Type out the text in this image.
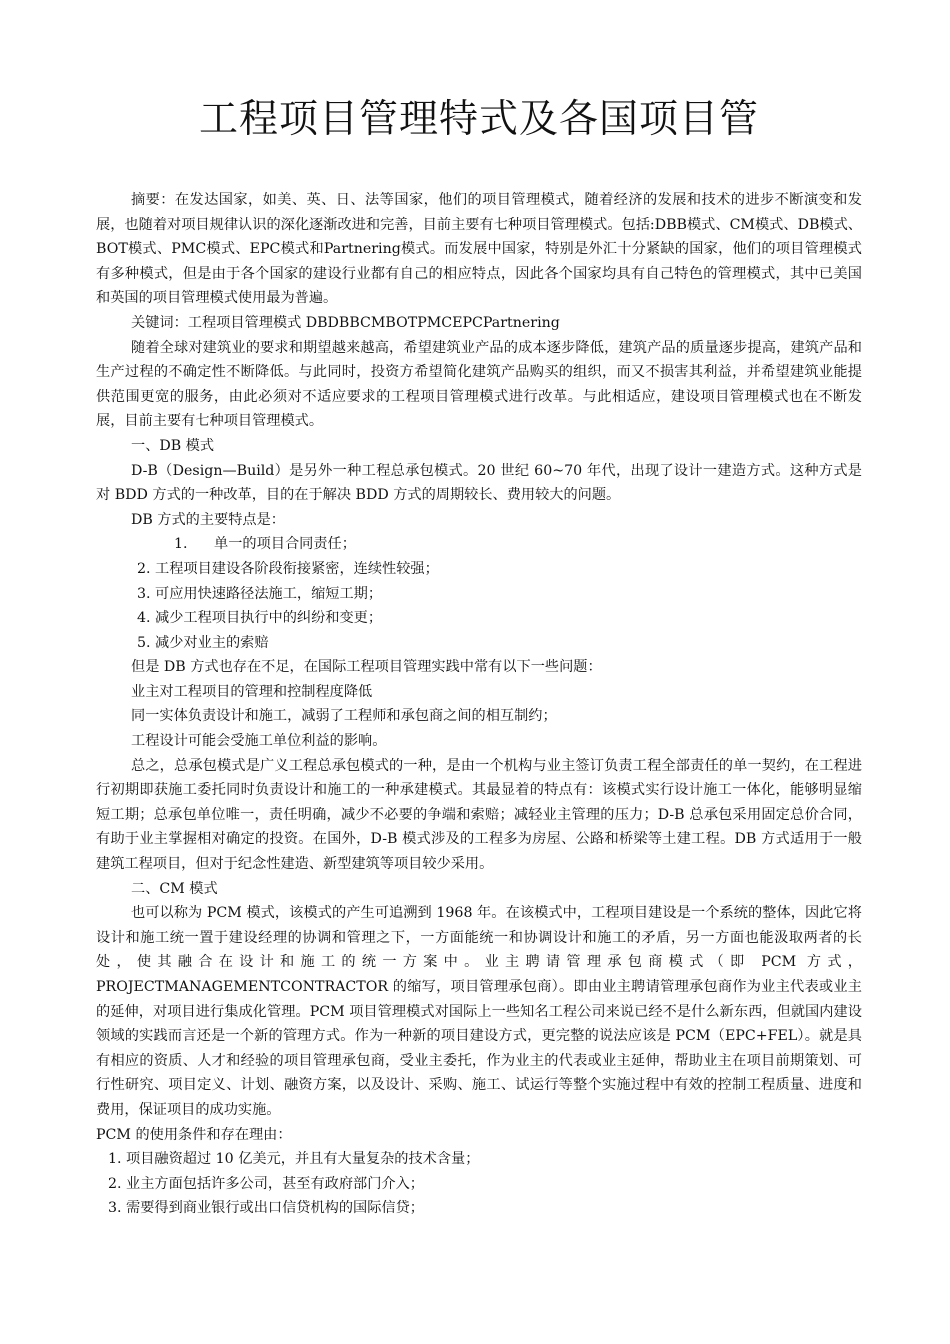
工程项目管理特式及各国项目管

摘要：在发达国家，如美、英、日、法等国家，他们的项目管理模式，随着经济的发展和技术的进步不断演变和发展，也随着对项目规律认识的深化逐渐改进和完善，目前主要有七种项目管理模式。包括:DBB模式、CM模式、DB模式、BOT模式、PMC模式、EPC模式和Partnering模式。而发展中国家，特别是外汇十分紧缺的国家，他们的项目管理模式有多种模式，但是由于各个国家的建设行业都有自己的相应特点，因此各个国家均具有自己特色的管理模式，其中已美国和英国的项目管理模式使用最为普遍。

关键词：工程项目管理模式 DBDBBCMBOTPMCEPCPartnering

随着全球对建筑业的要求和期望越来越高，希望建筑业产品的成本逐步降低，建筑产品的质量逐步提高，建筑产品和生产过程的不确定性不断降低。与此同时，投资方希望简化建筑产品购买的组织，而又不损害其利益，并希望建筑业能提供范围更宽的服务，由此必须对不适应要求的工程项目管理模式进行改革。与此相适应，建设项目管理模式也在不断发展，目前主要有七种项目管理模式。

一、DB 模式

D-B（Design—Build）是另外一种工程总承包模式。20 世纪 60~70 年代，出现了设计一建造方式。这种方式是对 BDD 方式的一种改革，目的在于解决 BDD 方式的周期较长、费用较大的问题。

DB 方式的主要特点是：

1. 单一的项目合同责任；

2. 工程项目建设各阶段衔接紧密，连续性较强；

3. 可应用快速路径法施工，缩短工期；

4. 减少工程项目执行中的纠纷和变更；

5. 减少对业主的索赔

但是 DB 方式也存在不足，在国际工程项目管理实践中常有以下一些问题：

业主对工程项目的管理和控制程度降低

同一实体负责设计和施工，减弱了工程师和承包商之间的相互制约；

工程设计可能会受施工单位利益的影响。

总之，总承包模式是广义工程总承包模式的一种，是由一个机构与业主签订负责工程全部责任的单一契约，在工程进行初期即获施工委托同时负责设计和施工的一种承建模式。其最显着的特点有：该模式实行设计施工一体化，能够明显缩短工期；总承包单位唯一，责任明确，减少不必要的争端和索赔；减轻业主管理的压力；D-B 总承包采用固定总价合同，有助于业主掌握相对确定的投资。在国外，D-B 模式涉及的工程多为房屋、公路和桥梁等土建工程。DB 方式适用于一般建筑工程项目，但对于纪念性建造、新型建筑等项目较少采用。

二、CM 模式

也可以称为 PCM 模式，该模式的产生可追溯到 1968 年。在该模式中，工程项目建设是一个系统的整体，因此它将设计和施工统一置于建设经理的协调和管理之下，一方面能统一和协调设计和施工的矛盾，另一方面也能汲取两者的长处，使其融合在设计和施工的统一方案中。业主聘请管理承包商模式（即 PCM 方式，PROJECTMANAGEMENTCONTRACTOR 的缩写，项目管理承包商）。即由业主聘请管理承包商作为业主代表或业主的延伸，对项目进行集成化管理。PCM 项目管理模式对国际上一些知名工程公司来说已经不是什么新东西，但就国内建设领域的实践而言还是一个新的管理方式。作为一种新的项目建设方式，更完整的说法应该是 PCM（EPC+FEL）。就是具有相应的资质、人才和经验的项目管理承包商，受业主委托，作为业主的代表或业主延伸，帮助业主在项目前期策划、可行性研究、项目定义、计划、融资方案，以及设计、采购、施工、试运行等整个实施过程中有效的控制工程质量、进度和费用，保证项目的成功实施。

PCM 的使用条件和存在理由：

1. 项目融资超过 10 亿美元，并且有大量复杂的技术含量；

2. 业主方面包括许多公司，甚至有政府部门介入；

3. 需要得到商业银行或出口信贷机构的国际信贷；
